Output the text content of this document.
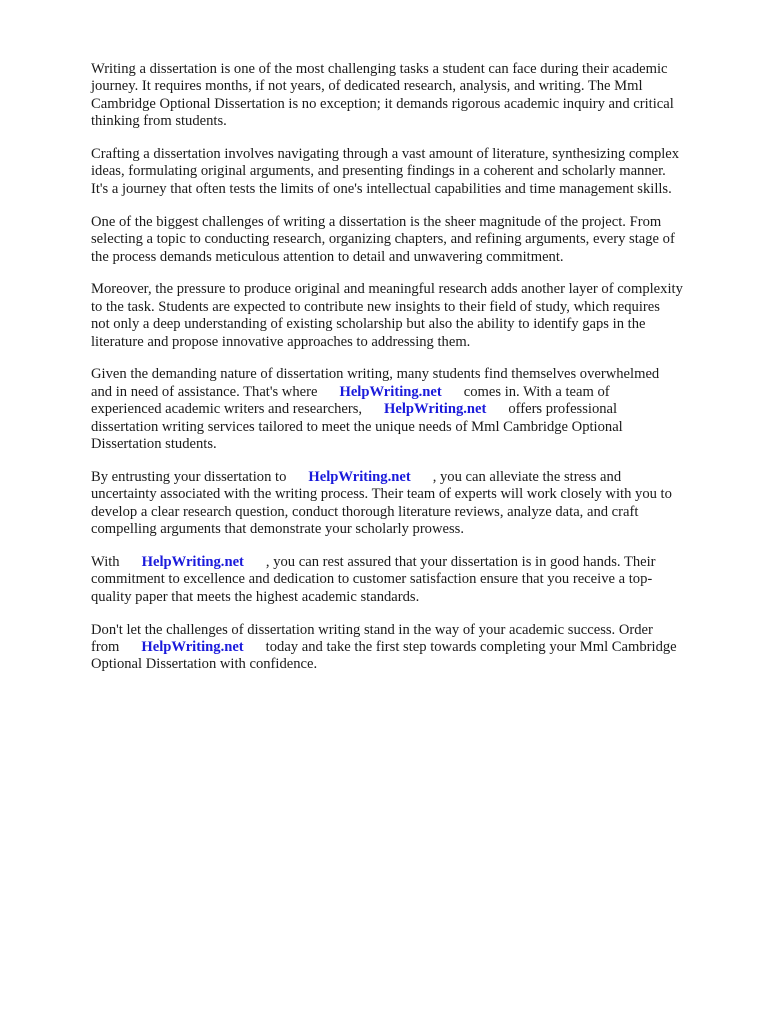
Writing a dissertation is one of the most challenging tasks a student can face during their academic
journey. It requires months, if not years, of dedicated research, analysis, and writing. The Mml
Cambridge Optional Dissertation is no exception; it demands rigorous academic inquiry and critical
thinking from students.

Crafting a dissertation involves navigating through a vast amount of literature, synthesizing complex
ideas, formulating original arguments, and presenting findings in a coherent and scholarly manner.
It's a journey that often tests the limits of one's intellectual capabilities and time management skills.

One of the biggest challenges of writing a dissertation is the sheer magnitude of the project. From
selecting a topic to conducting research, organizing chapters, and refining arguments, every stage of
the process demands meticulous attention to detail and unwavering commitment.

Moreover, the pressure to produce original and meaningful research adds another layer of complexity
to the task. Students are expected to contribute new insights to their field of study, which requires
not only a deep understanding of existing scholarship but also the ability to identify gaps in the
literature and propose innovative approaches to addressing them.

Given the demanding nature of dissertation writing, many students find themselves overwhelmed
and in need of assistance. That's where HelpWriting.net comes in. With a team of
experienced academic writers and researchers, HelpWriting.net offers professional
dissertation writing services tailored to meet the unique needs of Mml Cambridge Optional
Dissertation students.

By entrusting your dissertation to HelpWriting.net , you can alleviate the stress and
uncertainty associated with the writing process. Their team of experts will work closely with you to
develop a clear research question, conduct thorough literature reviews, analyze data, and craft
compelling arguments that demonstrate your scholarly prowess.

With HelpWriting.net , you can rest assured that your dissertation is in good hands. Their
commitment to excellence and dedication to customer satisfaction ensure that you receive a top-
quality paper that meets the highest academic standards.

Don't let the challenges of dissertation writing stand in the way of your academic success. Order
from HelpWriting.net today and take the first step towards completing your Mml Cambridge
Optional Dissertation with confidence.
